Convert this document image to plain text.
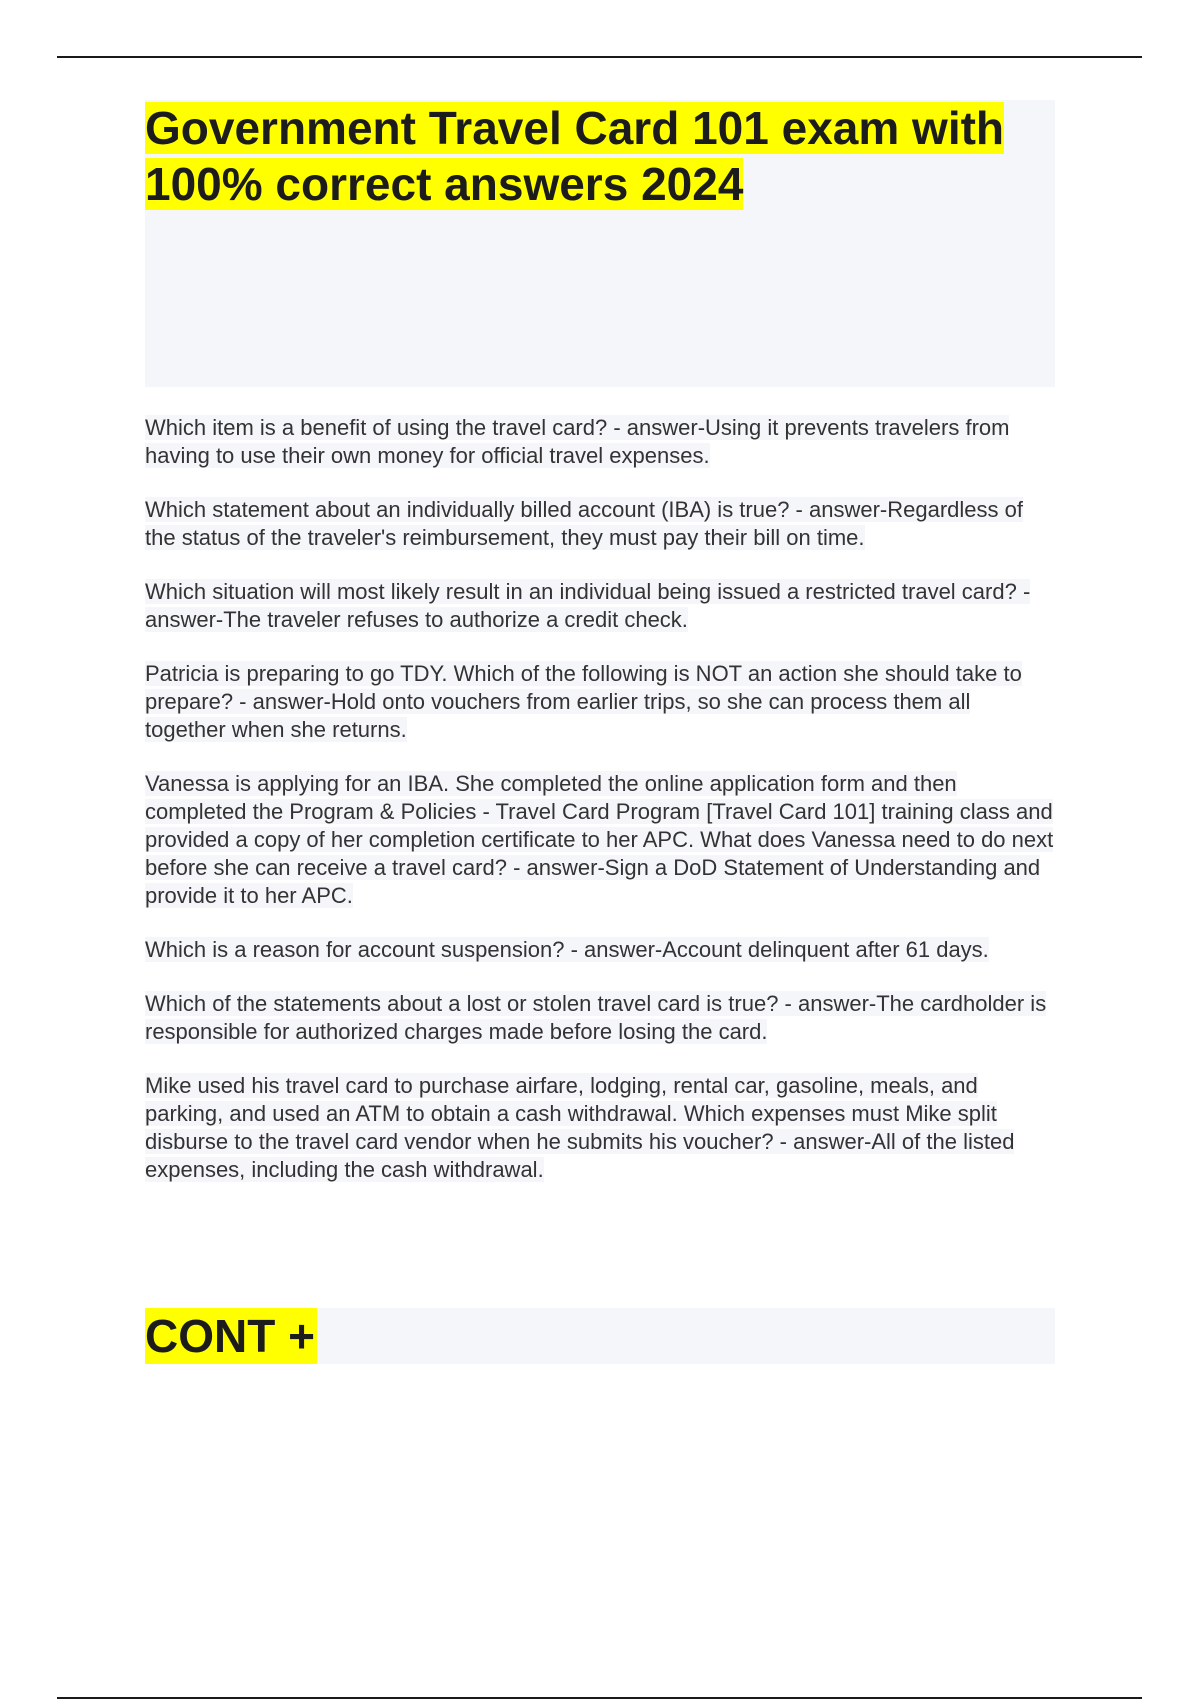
Government Travel Card 101 exam with 100% correct answers 2024

Which item is a benefit of using the travel card? - answer-Using it prevents travelers from having to use their own money for official travel expenses.

Which statement about an individually billed account (IBA) is true? - answer-Regardless of the status of the traveler's reimbursement, they must pay their bill on time.

Which situation will most likely result in an individual being issued a restricted travel card? - answer-The traveler refuses to authorize a credit check.

Patricia is preparing to go TDY. Which of the following is NOT an action she should take to prepare? - answer-Hold onto vouchers from earlier trips, so she can process them all together when she returns.

Vanessa is applying for an IBA. She completed the online application form and then completed the Program & Policies - Travel Card Program [Travel Card 101] training class and provided a copy of her completion certificate to her APC. What does Vanessa need to do next before she can receive a travel card? - answer-Sign a DoD Statement of Understanding and provide it to her APC.

Which is a reason for account suspension? - answer-Account delinquent after 61 days.

Which of the statements about a lost or stolen travel card is true? - answer-The cardholder is responsible for authorized charges made before losing the card.

Mike used his travel card to purchase airfare, lodging, rental car, gasoline, meals, and parking, and used an ATM to obtain a cash withdrawal. Which expenses must Mike split disburse to the travel card vendor when he submits his voucher? - answer-All of the listed expenses, including the cash withdrawal.

CONT +
